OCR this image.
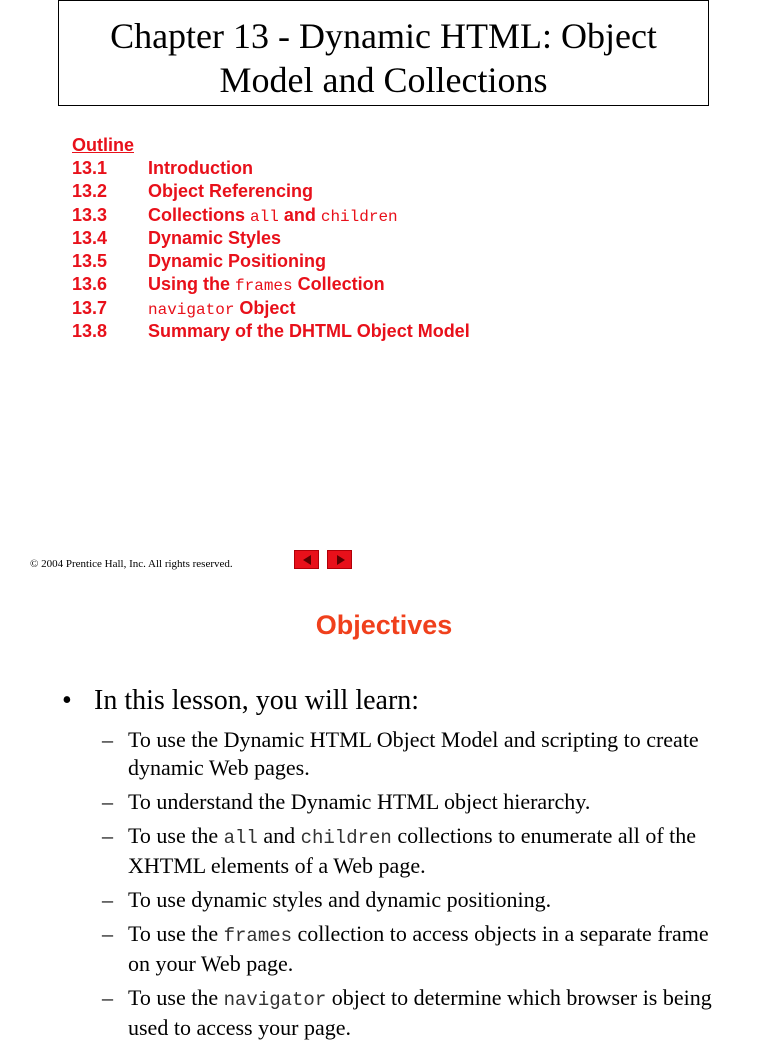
Chapter 13 - Dynamic HTML: Object
Model and Collections
Outline
13.1 Introduction
13.2 Object Referencing
13.3 Collections all and children
13.4 Dynamic Styles
13.5 Dynamic Positioning
13.6 Using the frames Collection
13.7	navigator Object
13.8 Summary of the DHTML Object Model
© 2004 Prentice Hall, Inc. All rights reserved.
Objectives
• In this lesson, you will learn:
– To use the Dynamic HTML Object Model and scripting to create dynamic Web pages.
– To understand the Dynamic HTML object hierarchy.
– To use the all and children collections to enumerate all of the XHTML elements of a Web page.
– To use dynamic styles and dynamic positioning.
– To use the frames collection to access objects in a separate frame on your Web page.
– To use the navigator object to determine which browser is being used to access your page.
